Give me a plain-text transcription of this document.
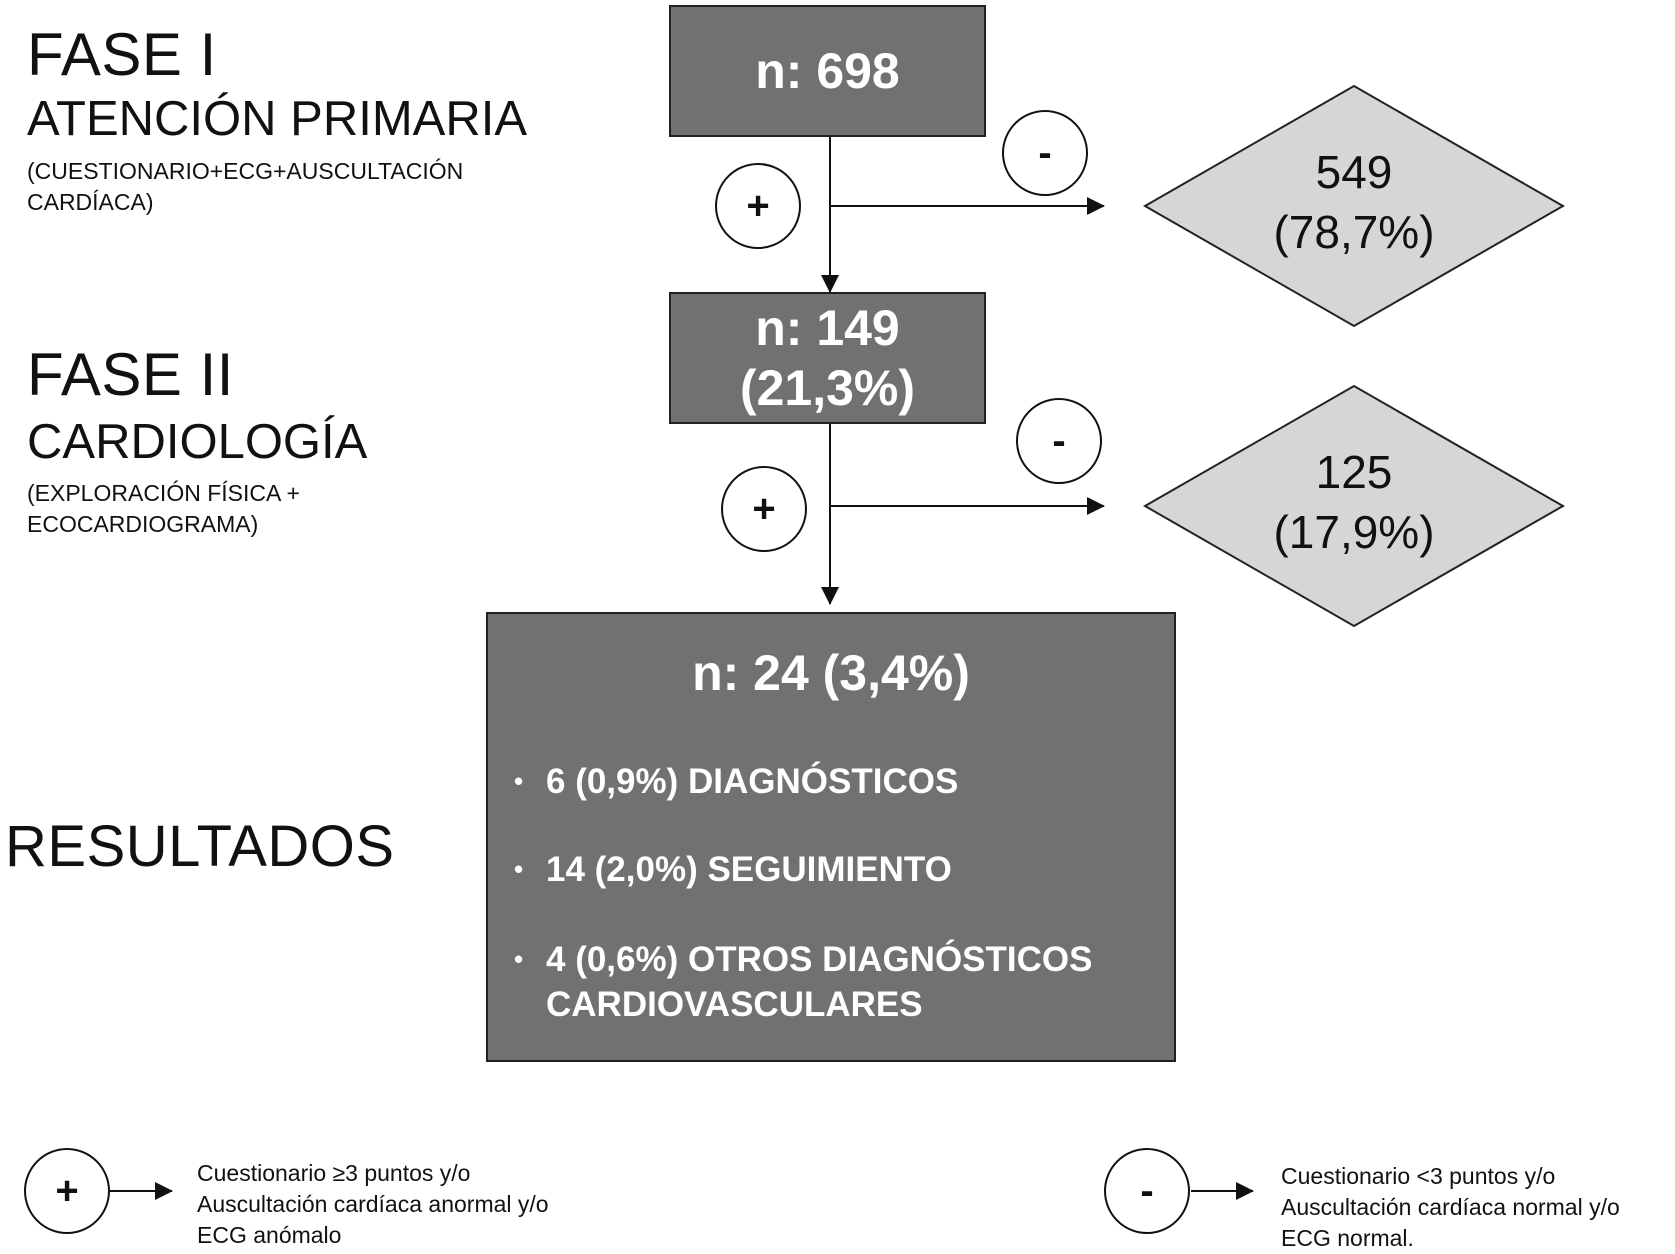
FASE I
ATENCIÓN PRIMARIA
(CUESTIONARIO+ECG+AUSCULTACIÓN CARDÍACA)
FASE II
CARDIOLOGÍA
(EXPLORACIÓN FÍSICA + ECOCARDIOGRAMA)
RESULTADOS
n: 698
n: 149
(21,3%)
549
(78,7%)
125
(17,9%)
+
-
+
-
n: 24 (3,4%)
• 6 (0,9%) DIAGNÓSTICOS
• 14 (2,0%) SEGUIMIENTO
• 4 (0,6%) OTROS DIAGNÓSTICOS
CARDIOVASCULARES
+	Cuestionario ≥3 puntos y/o
Auscultación cardíaca anormal y/o
ECG anómalo
-	Cuestionario <3 puntos y/o
Auscultación cardíaca normal y/o
ECG normal.
